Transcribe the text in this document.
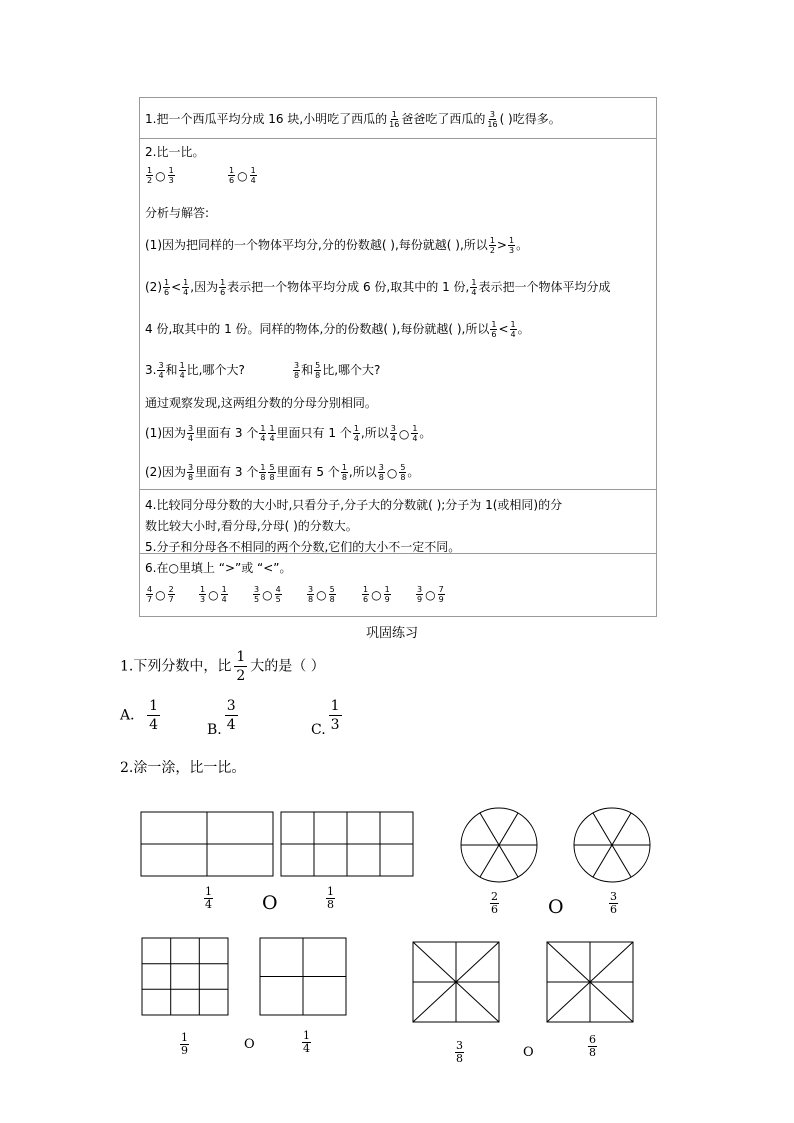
1.把一个西瓜平均分成 16 块,小明吃了西瓜的 $\frac{1}{16}$ 爸爸吃了西瓜的 $\frac{3}{16}$ ( )吃得多。
2.比一比。
$\frac{1}{2}$ ○ $\frac{1}{3}$	$\frac{1}{6}$ ○ $\frac{1}{4}$
分析与解答:
(1)因为把同样的一个物体平均分,分的份数越( ),每份就越( ),所以 $\frac{1}{2} > \frac{1}{3}$ 。
$(2) \frac{1}{6} < \frac{1}{4}$ ,因为 $\frac{1}{6}$ 表示把一个物体平均分成 6 份,取其中的 1 份, $\frac{1}{4}$ 表示把一个物体平均分成
4 份,取其中的 1 份。同样的物体,分的份数越( ),每份就越( ),所以 $\frac{1}{6} < \frac{1}{4}$ 。
3. $\frac{3}{4}$ 和 $\frac{1}{4}$ 比,哪个大?	$\frac{3}{8}$ 和 $\frac{5}{8}$ 比,哪个大?
通过观察发现,这两组分数的分母分别相同。
(1)因为 $\frac{3}{4}$ 里面有 3 个 $\frac{1}{4} \frac{1}{4}$ 里面只有 1 个 $\frac{1}{4}$ ,所以 $\frac{3}{4}$ ○ $\frac{1}{4}$ 。
(2)因为 $\frac{3}{8}$ 里面有 3 个 $\frac{1}{8} \frac{5}{8}$ 里面有 5 个 $\frac{1}{8}$ ,所以 $\frac{3}{8}$ ○ $\frac{5}{8}$ 。
4.比较同分母分数的大小时,只看分子,分子大的分数就( );分子为 1(或相同)的分
数比较大小时,看分母,分母( )的分数大。
5.分子和分母各不相同的两个分数,它们的大小不一定不同。
6.在○里填上 “>”或 “<”。
$\frac{4}{7}$ ○ $\frac{2}{7}$	$\frac{1}{3}$ ○ $\frac{1}{4}$	$\frac{3}{5}$ ○ $\frac{4}{5}$	$\frac{3}{8}$ ○ $\frac{5}{8}$	$\frac{1}{6}$ ○ $\frac{1}{9}$	$\frac{3}{9}$ ○ $\frac{7}{9}$
巩固练习
1.下列分数中，比 $\frac{1}{2}$ 大的是（ ）
A． $\frac{1}{4}$	B. $\frac{3}{4}$	C. $\frac{1}{3}$
2.涂一涂，比一比。
1
4	O
1
8
2
6	O	3
6
1
9	O
1
4	3
8	O
6
8
